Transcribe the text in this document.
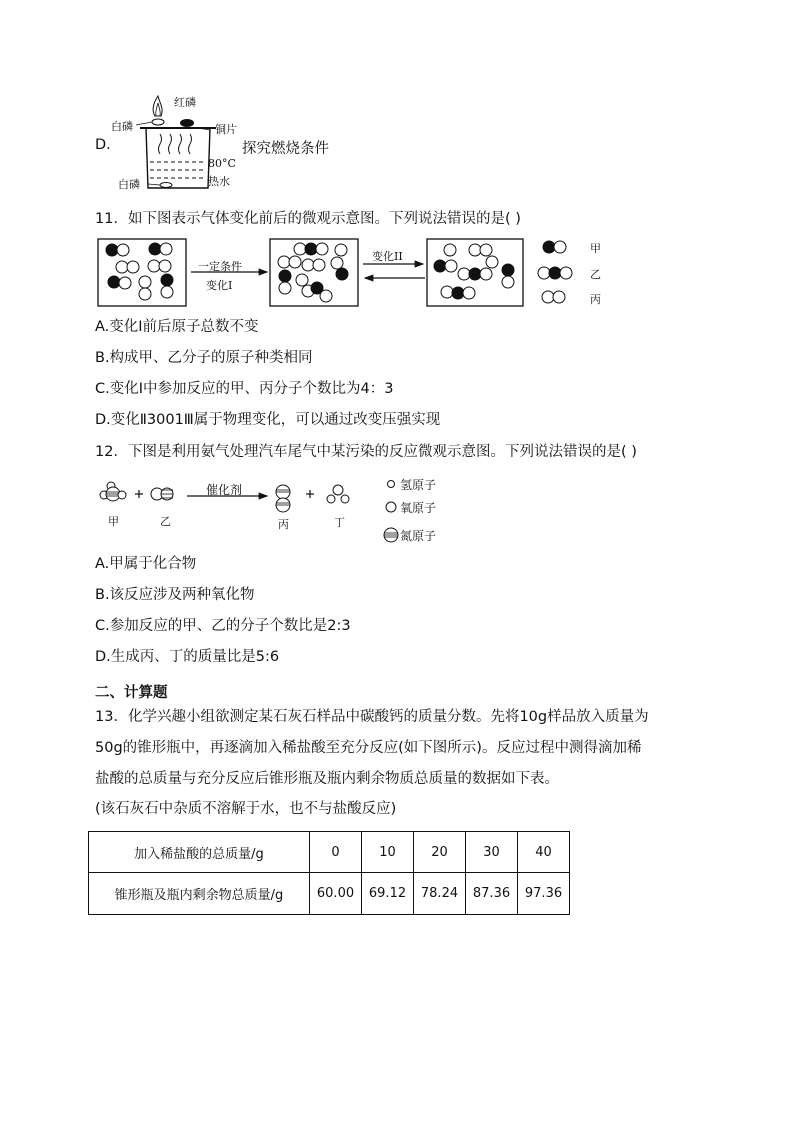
D.
红磷
白磷	铜片
80°C
热水
白磷
探究燃烧条件
11．如下图表示气体变化前后的微观示意图。下列说法错误的是( )
一定条件
变化I
变化II
甲
乙
丙
A.变化Ⅰ前后原子总数不变
B.构成甲、乙分子的原子种类相同
C.变化Ⅰ中参加反应的甲、丙分子个数比为4：3
D.变化Ⅱ3001Ⅲ属于物理变化，可以通过改变压强实现
12．下图是利用氨气处理汽车尾气中某污染的反应微观示意图。下列说法错误的是( )
催化剂
甲	乙	丙	丁
氢原子
氧原子
氮原子
A.甲属于化合物
B.该反应涉及两种氧化物
C.参加反应的甲、乙的分子个数比是2:3
D.生成丙、丁的质量比是5:6
二、计算题
13．化学兴趣小组欲测定某石灰石样品中碳酸钙的质量分数。先将10g样品放入质量为
50g的锥形瓶中，再逐滴加入稀盐酸至充分反应(如下图所示)。反应过程中测得滴加稀
盐酸的总质量与充分反应后锥形瓶及瓶内剩余物质总质量的数据如下表。
(该石灰石中杂质不溶解于水，也不与盐酸反应)
加入稀盐酸的总质量/g	0	10	20	30	40
锥形瓶及瓶内剩余物总质量/g	60.00	69.12	78.24	87.36	97.36
